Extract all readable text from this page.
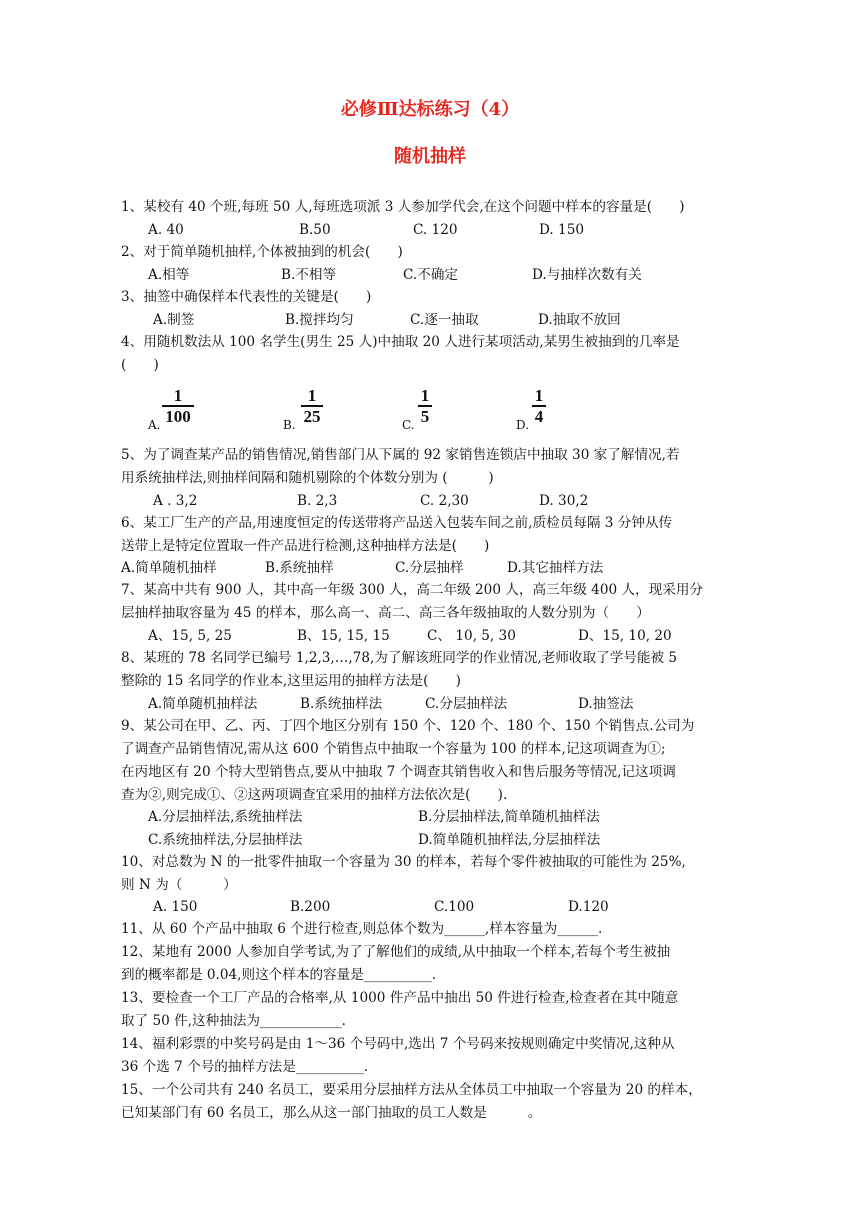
必修Ⅲ达标练习（4）
随机抽样
1、某校有 40 个班,每班 50 人,每班选项派 3 人参加学代会,在这个问题中样本的容量是(　　)
A. 40	B.50	C. 120	D. 150
2、对于简单随机抽样,个体被抽到的机会(　　)
A.相等	B.不相等	C.不确定	D.与抽样次数有关
3、抽签中确保样本代表性的关键是(　　)
A.制签	B.搅拌均匀	C.逐一抽取	D.抽取不放回
4、用随机数法从 100 名学生(男生 25 人)中抽取 20 人进行某项活动,某男生被抽到的几率是
(　　)
A. $\frac{1}{100}$	B. $\frac{1}{25}$	C. $\frac{1}{5}$	D. $\frac{1}{4}$
5、为了调查某产品的销售情况,销售部门从下属的 92 家销售连锁店中抽取 30 家了解情况,若
用系统抽样法,则抽样间隔和随机剔除的个体数分别为 (　　　)
A . 3,2	B. 2,3	C. 2,30	D. 30,2
6、某工厂生产的产品,用速度恒定的传送带将产品送入包装车间之前,质检员每隔 3 分钟从传
送带上是特定位置取一件产品进行检测,这种抽样方法是(　　)
A.简单随机抽样	B.系统抽样	C.分层抽样	D.其它抽样方法
7、某高中共有 900 人，其中高一年级 300 人，高二年级 200 人，高三年级 400 人，现采用分
层抽样抽取容量为 45 的样本，那么高一、高二、高三各年级抽取的人数分别为（　　）
A、15, 5, 25	B、15, 15, 15	C、 10, 5, 30	D、15, 10, 20
8、某班的 78 名同学已编号 1,2,3,…,78,为了解该班同学的作业情况,老师收取了学号能被 5
整除的 15 名同学的作业本,这里运用的抽样方法是(　　)
A.简单随机抽样法	B.系统抽样法	C.分层抽样法	D.抽签法
9、某公司在甲、乙、丙、丁四个地区分别有 150 个、120 个、180 个、150 个销售点.公司为
了调查产品销售情况,需从这 600 个销售点中抽取一个容量为 100 的样本,记这项调查为①;
在丙地区有 20 个特大型销售点,要从中抽取 7 个调查其销售收入和售后服务等情况,记这项调
查为②,则完成①、②这两项调查宜采用的抽样方法依次是(　　).
A.分层抽样法,系统抽样法	B.分层抽样法,简单随机抽样法
C.系统抽样法,分层抽样法	D.简单随机抽样法,分层抽样法
10、对总数为 N 的一批零件抽取一个容量为 30 的样本，若每个零件被抽取的可能性为 25%,
则 N 为（　　　）
A. 150	B.200	C.100	D.120
11、从 60 个产品中抽取 6 个进行检查,则总体个数为______,样本容量为______.
12、某地有 2000 人参加自学考试,为了了解他们的成绩,从中抽取一个样本,若每个考生被抽
到的概率都是 0.04,则这个样本的容量是__________.
13、要检查一个工厂产品的合格率,从 1000 件产品中抽出 50 件进行检查,检查者在其中随意
取了 50 件,这种抽法为____________.
14、福利彩票的中奖号码是由 1～36 个号码中,选出 7 个号码来按规则确定中奖情况,这种从
36 个选 7 个号的抽样方法是__________.
15、一个公司共有 240 名员工，要采用分层抽样方法从全体员工中抽取一个容量为 20 的样本，
已知某部门有 60 名员工，那么从这一部门抽取的员工人数是　　　。
